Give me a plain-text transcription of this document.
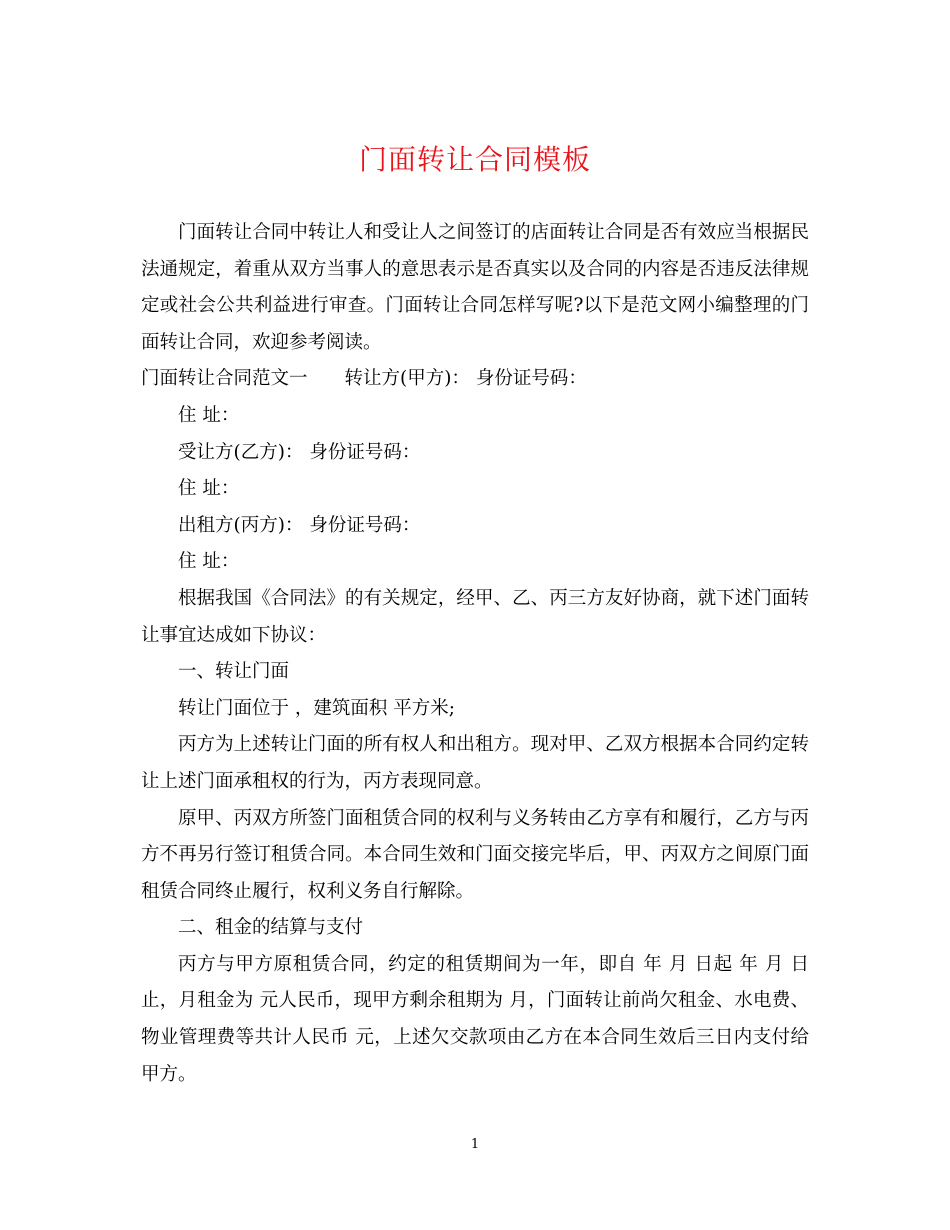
门面转让合同模板

门面转让合同中转让人和受让人之间签订的店面转让合同是否有效应当根据民法通规定，着重从双方当事人的意思表示是否真实以及合同的内容是否违反法律规定或社会公共利益进行审查。门面转让合同怎样写呢?以下是范文网小编整理的门面转让合同，欢迎参考阅读。

门面转让合同范文一　　转让方(甲方)： 身份证号码：

住 址：

受让方(乙方)： 身份证号码：

住 址：

出租方(丙方)： 身份证号码：

住 址：

根据我国《合同法》的有关规定，经甲、乙、丙三方友好协商，就下述门面转让事宜达成如下协议：

一、转让门面

转让门面位于 ，建筑面积 平方米;

丙方为上述转让门面的所有权人和出租方。现对甲、乙双方根据本合同约定转让上述门面承租权的行为，丙方表现同意。

原甲、丙双方所签门面租赁合同的权利与义务转由乙方享有和履行，乙方与丙方不再另行签订租赁合同。本合同生效和门面交接完毕后，甲、丙双方之间原门面租赁合同终止履行，权利义务自行解除。

二、租金的结算与支付

丙方与甲方原租赁合同，约定的租赁期间为一年，即自 年 月 日起 年 月 日止，月租金为 元人民币，现甲方剩余租期为 月，门面转让前尚欠租金、水电费、物业管理费等共计人民币 元，上述欠交款项由乙方在本合同生效后三日内支付给甲方。

1
